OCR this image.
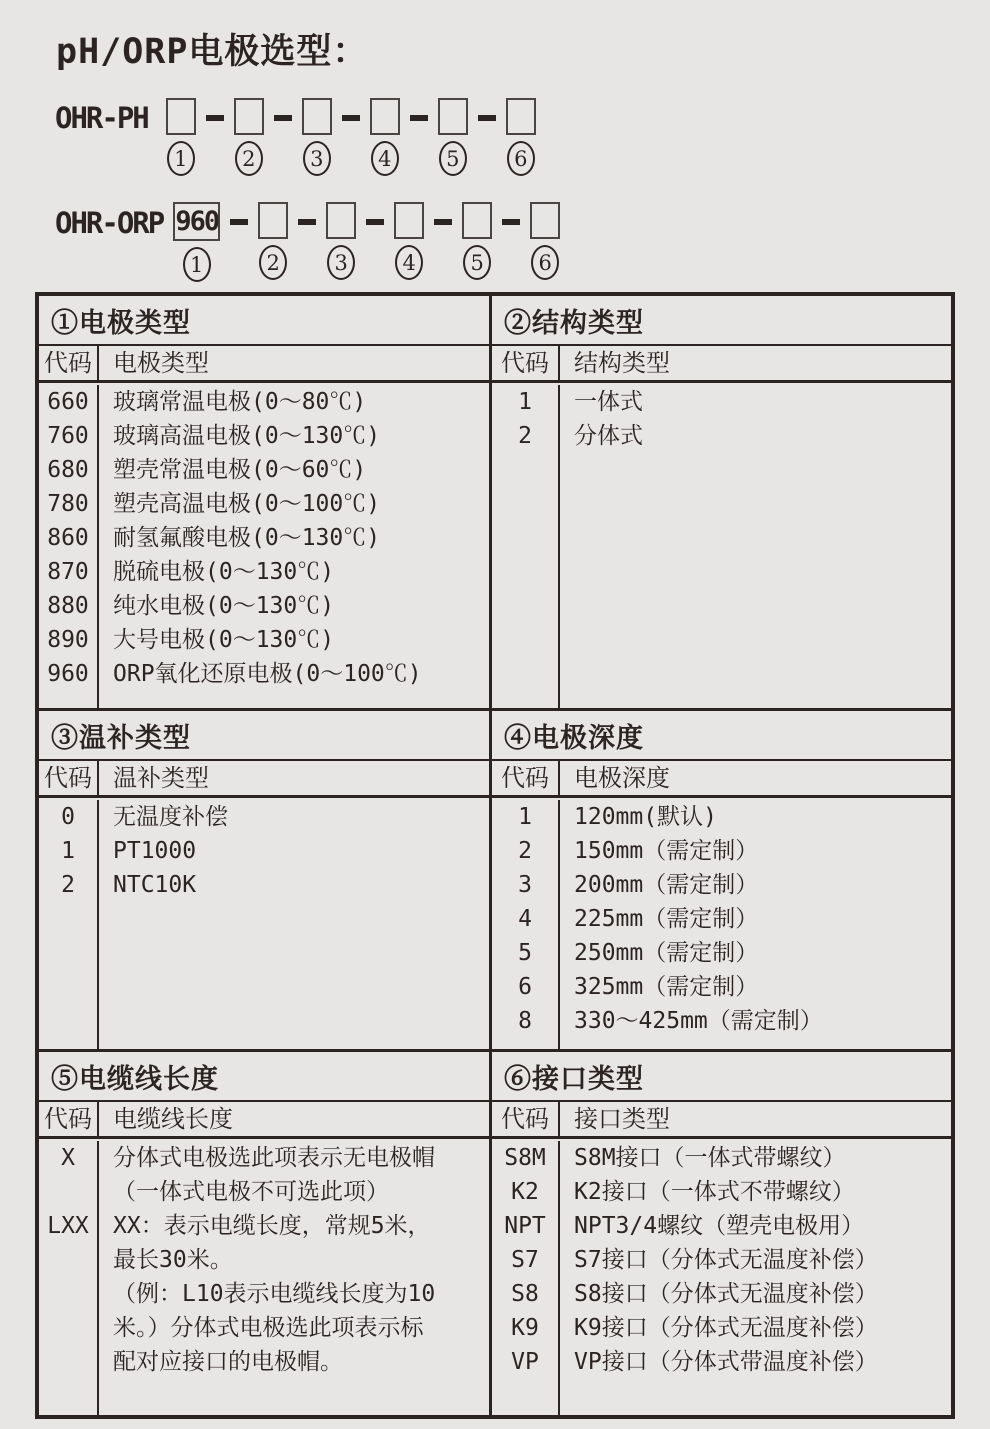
pH/ORP电极选型：
OHR-PH
1	2	3	4	5	6
OHR-ORP 960
1	2	3	4	5	6
①电极类型
代码 电极类型
660	玻璃常温电极(0～80℃)
760	玻璃高温电极(0～130℃)
680	塑壳常温电极(0～60℃)
780	塑壳高温电极(0～100℃)
860	耐氢氟酸电极(0～130℃)
870	脱硫电极(0～130℃)
880	纯水电极(0～130℃)
890	大号电极(0～130℃)
960	ORP氧化还原电极(0～100℃)
②结构类型
代码	结构类型
1	一体式
2	分体式
③温补类型
代码 温补类型
0	无温度补偿
1	PT1000
2	NTC10K
④电极深度
代码	电极深度
1	120mm(默认)
2	150mm（需定制）
3	200mm（需定制）
4	225mm（需定制）
5	250mm（需定制）
6	325mm（需定制）
8	330～425mm（需定制）
⑤电缆线长度
代码 电缆线长度
X	分体式电极选此项表示无电极帽
（一体式电极不可选此项）
LXX	XX：表示电缆长度，常规5米，
最长30米。
（例：L10表示电缆线长度为10
米。）分体式电极选此项表示标
配对应接口的电极帽。
⑥接口类型
代码	接口类型
S8M	S8M接口（一体式带螺纹）
K2	K2接口（一体式不带螺纹）
NPT	NPT3/4螺纹（塑壳电极用）
S7	S7接口（分体式无温度补偿）
S8	S8接口（分体式无温度补偿）
K9	K9接口（分体式无温度补偿）
VP	VP接口（分体式带温度补偿）
